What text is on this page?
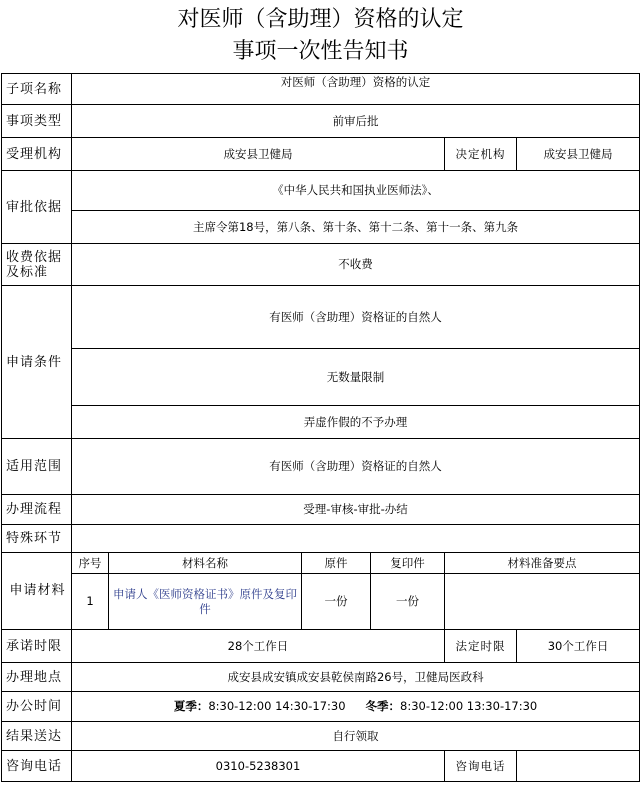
对医师（含助理）资格的认定
事项一次性告知书
子项名称	对医师（含助理）资格的认定					
事项类型	前审后批					
受理机构	成安县卫健局				决定机构	成安县卫健局
审批依据	《中华人民共和国执业医师法》、					
	主席令第18号，第八条、第十条、第十二条、第十一条、第九条					
收费依据及标准	不收费					
申请条件	有医师（含助理）资格证的自然人					
	无数量限制					
	弄虚作假的不予办理					
适用范围	有医师（含助理）资格证的自然人					
办理流程	受理-审核-审批-办结					
特殊环节						
申请材料	序号	材料名称	原件	复印件	材料准备要点	
	1	申请人《医师资格证书》原件及复印件	一份	一份		
承诺时限	28个工作日				法定时限	30个工作日
办理地点	成安县成安镇成安县乾侯南路26号，卫健局医政科					
办公时间	夏季：8:30-12:00 14:30-17:30 冬季：8:30-12:00 13:30-17:30					
结果送达	自行领取					
咨询电话	0310-5238301				咨询电话	
